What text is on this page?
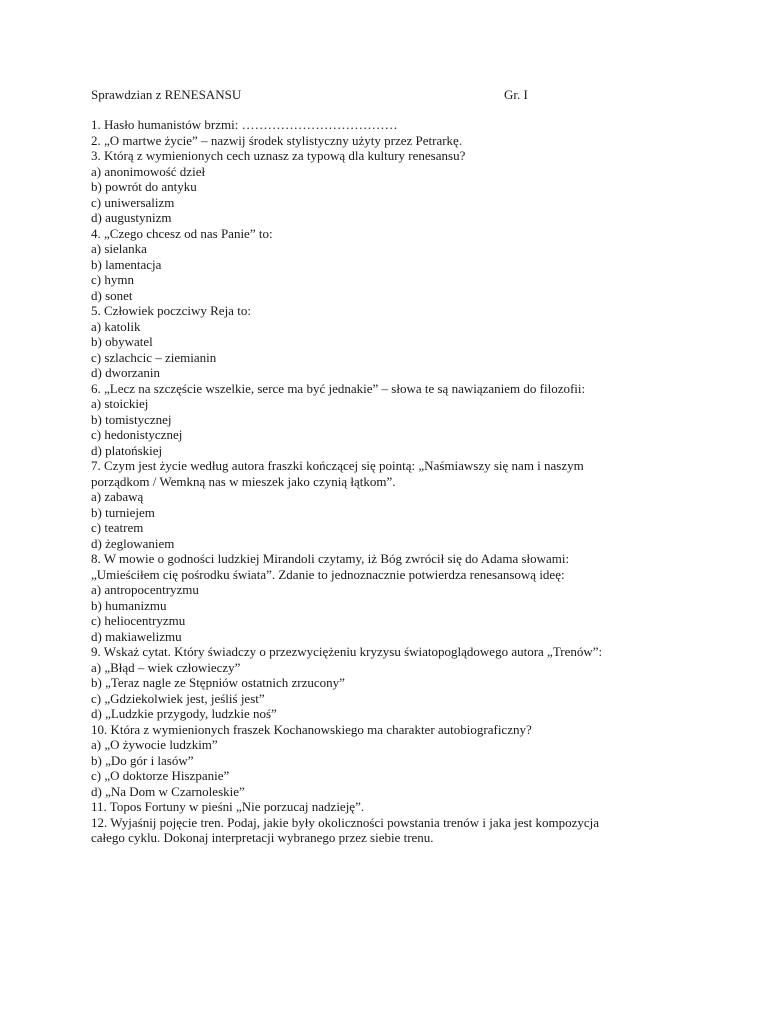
Sprawdzian z RENESANSU	Gr. I
1. Hasło humanistów brzmi: ………………………………
2. „O martwe życie” – nazwij środek stylistyczny użyty przez Petrarkę.
3. Którą z wymienionych cech uznasz za typową dla kultury renesansu?
a) anonimowość dzieł
b) powrót do antyku
c) uniwersalizm
d) augustynizm
4. „Czego chcesz od nas Panie” to:
a) sielanka
b) lamentacja
c) hymn
d) sonet
5. Człowiek poczciwy Reja to:
a) katolik
b) obywatel
c) szlachcic – ziemianin
d) dworzanin
6. „Lecz na szczęście wszelkie, serce ma być jednakie” – słowa te są nawiązaniem do filozofii:
a) stoickiej
b) tomistycznej
c) hedonistycznej
d) platońskiej
7. Czym jest życie według autora fraszki kończącej się pointą: „Naśmiawszy się nam i naszym
porządkom / Wemkną nas w mieszek jako czynią łątkom”.
a) zabawą
b) turniejem
c) teatrem
d) żeglowaniem
8. W mowie o godności ludzkiej Mirandoli czytamy, iż Bóg zwrócił się do Adama słowami:
„Umieściłem cię pośrodku świata”. Zdanie to jednoznacznie potwierdza renesansową ideę:
a) antropocentryzmu
b) humanizmu
c) heliocentryzmu
d) makiawelizmu
9. Wskaż cytat. Który świadczy o przezwyciężeniu kryzysu światopoglądowego autora „Trenów”:
a) „Błąd – wiek człowieczy”
b) „Teraz nagle ze Stępniów ostatnich zrzucony”
c) „Gdziekolwiek jest, jeśliś jest”
d) „Ludzkie przygody, ludzkie noś”
10. Która z wymienionych fraszek Kochanowskiego ma charakter autobiograficzny?
a) „O żywocie ludzkim”
b) „Do gór i lasów”
c) „O doktorze Hiszpanie”
d) „Na Dom w Czarnoleskie”
11. Topos Fortuny w pieśni „Nie porzucaj nadzieję”.
12. Wyjaśnij pojęcie tren. Podaj, jakie były okoliczności powstania trenów i jaka jest kompozycja
całego cyklu. Dokonaj interpretacji wybranego przez siebie trenu.
